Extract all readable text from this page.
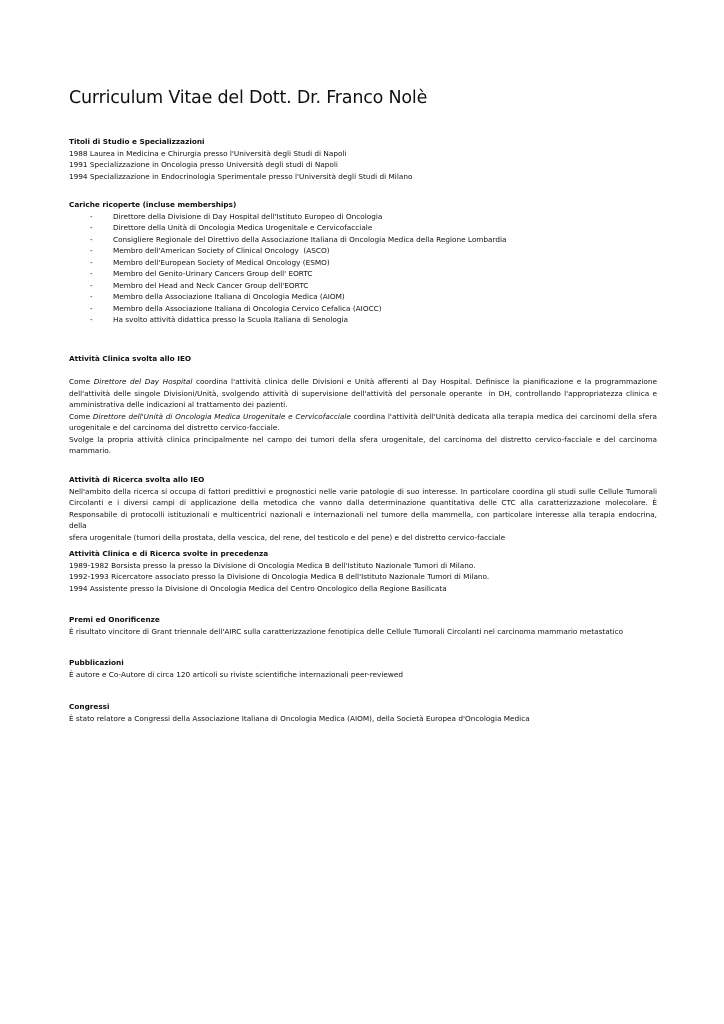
Curriculum Vitae del Dott. Dr. Franco Nolè
Titoli di Studio e Specializzazioni
1988 Laurea in Medicina e Chirurgia presso l'Università degli Studi di Napoli
1991 Specializzazione in Oncologia presso Università degli studi di Napoli
1994 Specializzazione in Endocrinologia Sperimentale presso l'Università degli Studi di Milano
Cariche ricoperte (incluse memberships)
-	Direttore della Divisione di Day Hospital dell'Istituto Europeo di Oncologia
-	Direttore della Unità di Oncologia Medica Urogenitale e Cervicofacciale
-	Consigliere Regionale del Direttivo della Associazione Italiana di Oncologia Medica della Regione Lombardia
-	Membro dell'American Society of Clinical Oncology  (ASCO)
-	Membro dell'European Society of Medical Oncology (ESMO)
-	Membro del Genito-Urinary Cancers Group dell' EORTC
-	Membro del Head and Neck Cancer Group dell'EORTC
-	Membro della Associazione Italiana di Oncologia Medica (AIOM)
-	Membro della Associazione Italiana di Oncologia Cervico Cefalica (AIOCC)
-	Ha svolto attività didattica presso la Scuola Italiana di Senologia
Attività Clinica svolta allo IEO
Come Direttore del Day Hospital coordina l'attività clinica delle Divisioni e Unità afferenti al Day Hospital. Definisce la pianificazione e la programmazione
dell'attività delle singole Divisioni/Unità, svolgendo attività di supervisione dell'attività del personale operante  in DH, controllando l'appropriatezza clinica e
amministrativa delle indicazioni al trattamento dei pazienti.
Come Direttore dell'Unità di Oncologia Medica Urogenitale e Cervicofacciale coordina l'attività dell'Unità dedicata alla terapia medica dei carcinomi della sfera
urogenitale e del carcinoma del distretto cervico-facciale.
Svolge la propria attività clinica principalmente nel campo dei tumori della sfera urogenitale, del carcinoma del distretto cervico-facciale e del carcinoma
mammario.
Attività di Ricerca svolta allo IEO
Nell'ambito della ricerca si occupa di fattori predittivi e prognostici nelle varie patologie di suo interesse. In particolare coordina gli studi sulle Cellule Tumorali
Circolanti e i diversi campi di applicazione della metodica che vanno dalla determinazione quantitativa delle CTC alla caratterizzazione molecolare. È
Responsabile di protocolli istituzionali e multicentrici nazionali e internazionali nel tumore della mammella, con particolare interesse alla terapia endocrina, della
sfera urogenitale (tumori della prostata, della vescica, del rene, del testicolo e del pene) e del distretto cervico-facciale
Attività Clinica e di Ricerca svolte in precedenza
1989-1982 Borsista presso la presso la Divisione di Oncologia Medica B dell'Istituto Nazionale Tumori di Milano.
1992-1993 Ricercatore associato presso la Divisione di Oncologia Medica B dell'Istituto Nazionale Tumori di Milano.
1994 Assistente presso la Divisione di Oncologia Medica del Centro Oncologico della Regione Basilicata
Premi ed Onorificenze
È risultato vincitore di Grant triennale dell'AIRC sulla caratterizzazione fenotipica delle Cellule Tumorali Circolanti nel carcinoma mammario metastatico
Pubblicazioni
È autore e Co-Autore di circa 120 articoli su riviste scientifiche internazionali peer-reviewed
Congressi
È stato relatore a Congressi della Associazione Italiana di Oncologia Medica (AIOM), della Società Europea d'Oncologia Medica
